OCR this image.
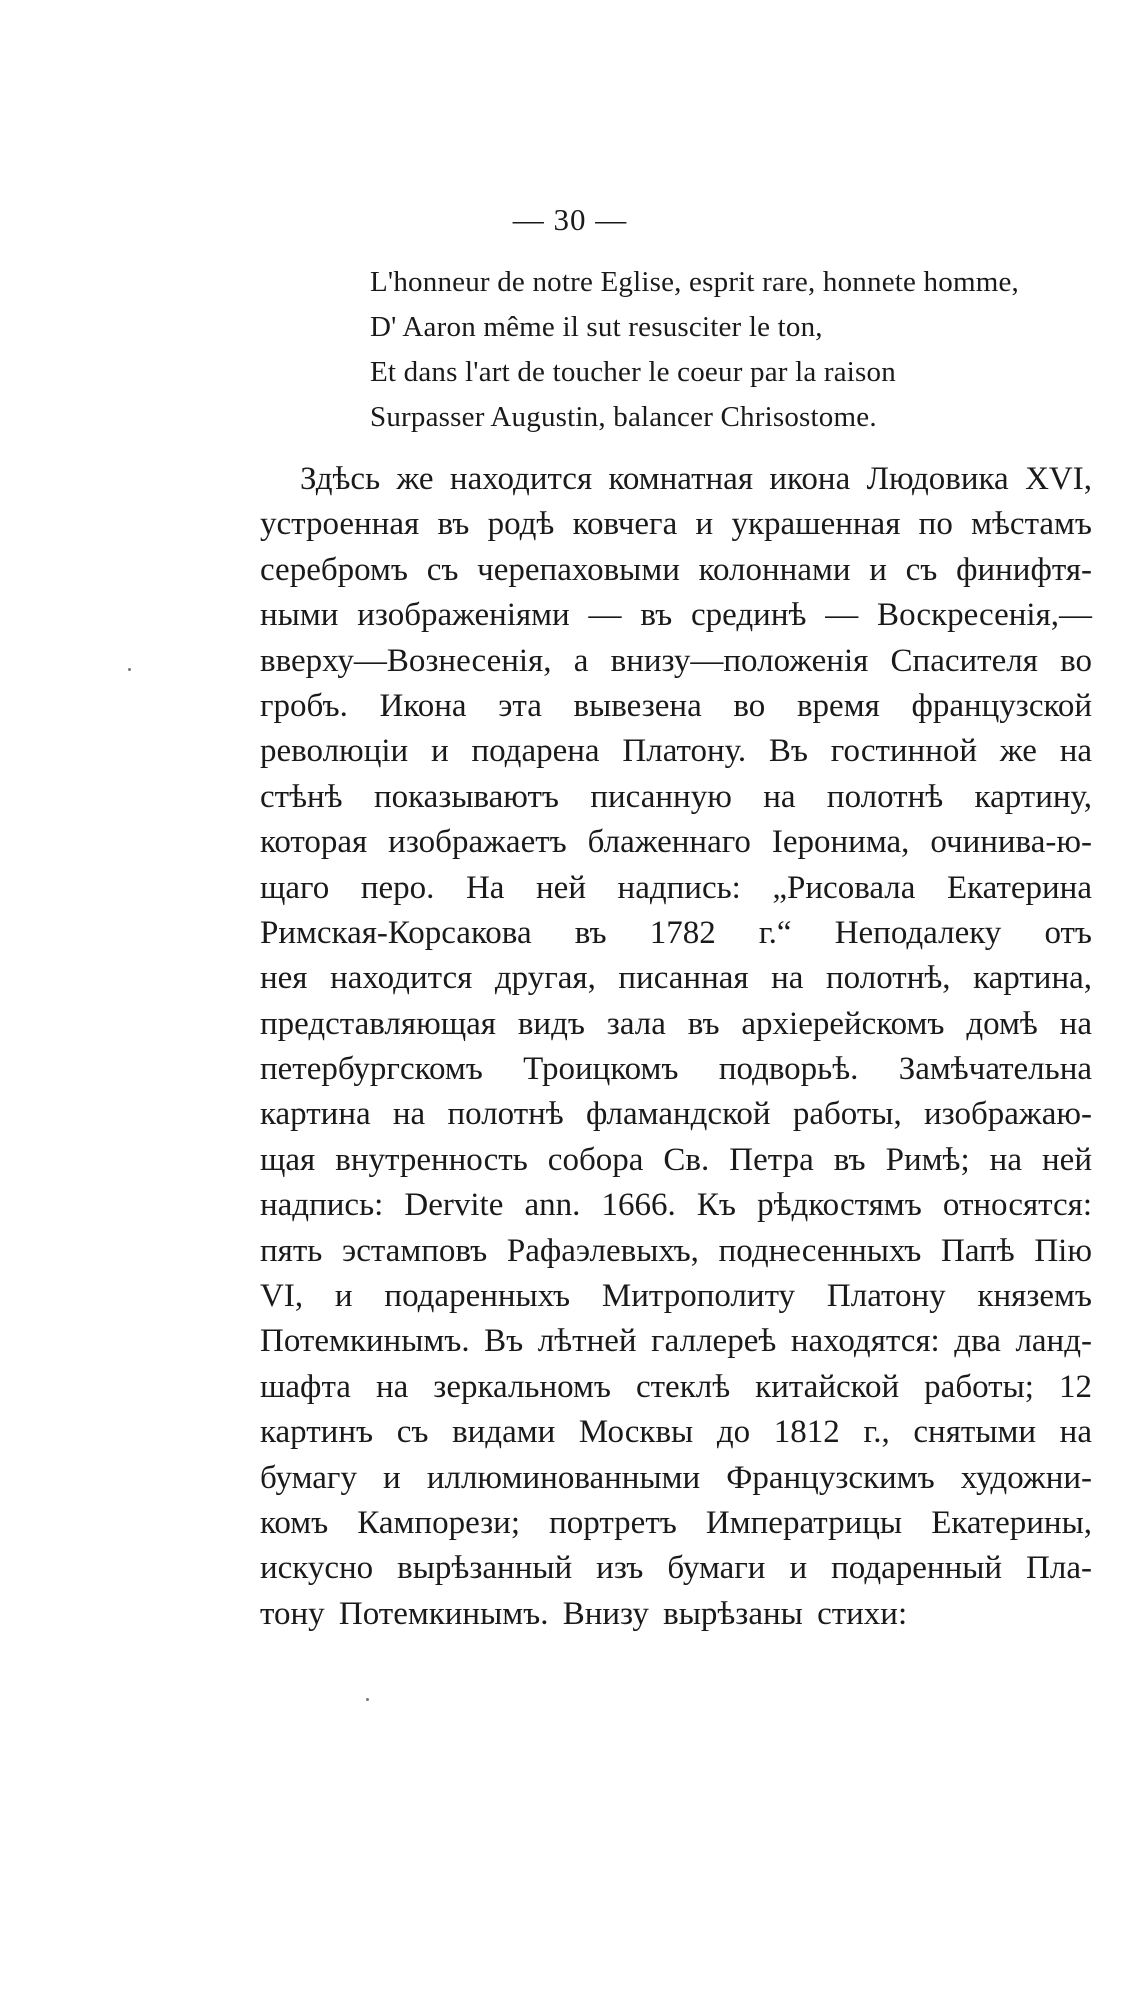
— 30 —
L'honneur de notre Eglise, esprit rare, honnete homme,
D' Aaron même il sut resusciter le ton,
Et dans l'art de toucher le coeur par la raison
Surpasser Augustin, balancer Chrisostome.
Здѣсь же находится комнатная икона Людовика XVI,
устроенная въ родѣ ковчега и украшенная по мѣстамъ
серебромъ съ черепаховыми колоннами и съ финифтя-
ными изображеніями — въ срединѣ — Воскресенія,—
вверху—Вознесенія, а внизу—положенія Спасителя во
гробъ. Икона эта вывезена во время французской
революціи и подарена Платону. Въ гостинной же на
стѣнѣ показываютъ писанную на полотнѣ картину,
которая изображаетъ блаженнаго Іеронима, очинива-ю-
щаго перо. На ней надпись: „Рисовала Екатерина
Римская-Корсакова въ 1782 г.“ Неподалеку отъ
нея находится другая, писанная на полотнѣ, картина,
представляющая видъ зала въ архіерейскомъ домѣ на
петербургскомъ Троицкомъ подворьѣ. Замѣчательна
картина на полотнѣ фламандской работы, изображаю-
щая внутренность собора Св. Петра въ Римѣ; на ней
надпись: Dervite ann. 1666. Къ рѣдкостямъ относятся:
пять эстамповъ Рафаэлевыхъ, поднесенныхъ Папѣ Пію
VI, и подаренныхъ Митрополиту Платону княземъ
Потемкинымъ. Въ лѣтней галлереѣ находятся: два ланд-
шафта на зеркальномъ стеклѣ китайской работы; 12
картинъ съ видами Москвы до 1812 г., снятыми на
бумагу и иллюминованными Французскимъ художни-
комъ Кампорези; портретъ Императрицы Екатерины,
искусно вырѣзанный изъ бумаги и подаренный Пла-
тону Потемкинымъ. Внизу вырѣзаны стихи:
